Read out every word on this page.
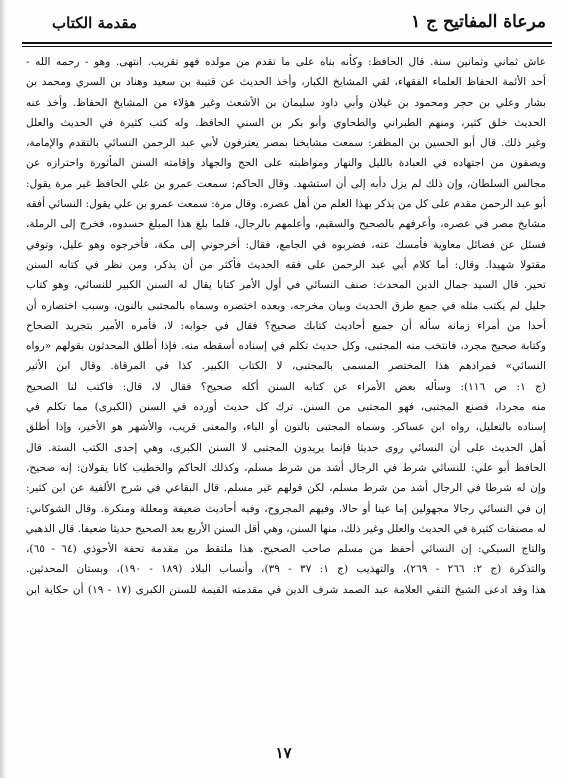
مرعاة المفاتيح ج ١
مقدمة الكتاب
عاش ثماني وثمانين سنة. قال الحافظ: وكأنه بناه على ما تقدم من مولده فهو تقريب. انتهى. وهو - رحمه الله -
أحد الأئمة الحفاظ العلماء الفقهاء، لقي المشايخ الكبار، وأخذ الحديث عن قتيبة بن سعيد وهناد بن السري ومحمد بن
بشار وعلي بن حجر ومحمود بن غيلان وأبي داود سليمان بن الأشعث وغير هؤلاء من المشايخ الحفاظ. وأخذ عنه
الحديث خلق كثير، ومنهم الطبراني والطحاوي وأبو بكر بن السني الحافظ. وله كتب كثيرة في الحديث والعلل
وغير ذلك. قال أبو الحسين بن المظفر: سمعت مشايخنا بمصر يعترفون لأبي عبد الرحمن النسائي بالتقدم والإمامة،
ويصفون من اجتهاده في العبادة بالليل والنهار ومواظبته على الحج والجهاد وإقامته السنن المأثورة واحترازه عن
مجالس السلطان، وإن ذلك لم يزل دأبه إلى أن استشهد. وقال الحاكم: سمعت عمرو بن علي الحافظ غير مرة يقول:
أبو عبد الرحمن مقدم على كل من يذكر بهذا العلم من أهل عصره. وقال مرة: سمعت عمرو بن علي يقول: النسائي أفقه
مشايخ مصر في عصره، وأعرفهم بالصحيح والسقيم، وأعلمهم بالرجال، فلما بلغ هذا المبلغ حسدوه، فخرج إلى الرملة،
فسئل عن فضائل معاوية فأمسك عنه، فضربوه في الجامع، فقال: أخرجوني إلى مكة، فأخرجوه وهو عليل، وتوفي
مقتولا شهيدا. وقال: أما كلام أبي عبد الرحمن على فقه الحديث فأكثر من أن يذكر، ومن نظر في كتابه السنن
تحير. قال السيد جمال الدين المحدث: صنف النسائي في أول الأمر كتابا يقال له السنن الكبير للنسائي، وهو كتاب
جليل لم يكتب مثله في جمع طرق الحديث وبيان مخرجه، وبعده اختصره وسماه بالمجتبى بالنون، وسبب اختصاره أن
أحدا من أمراء زمانه سأله أن جميع أحاديث كتابك صحيح؟ فقال في جوابه: لا، فأمره الأمير بتجريد الصحاح
وكتابة صحيح مجرد، فانتخب منه المجتبى، وكل حديث تكلم في إسناده أسقطه منه. فإذا أطلق المحدثون بقولهم «رواه
النسائي» فمرادهم هذا المختصر المسمى بالمجتبى، لا الكتاب الكبير. كذا في المرقاة. وقال ابن الأثير
(ج ١: ص ١١٦): وسأله بعض الأمراء عن كتابه السنن أكله صحيح؟ فقال لا، قال: فاكتب لنا الصحيح
منه مجردا، فصنع المجتبى، فهو المجتبى من السنن. ترك كل حديث أورده في السنن (الكبرى) مما تكلم في
إسناده بالتعليل، رواه ابن عساكر. وسماه المجتبى بالنون أو الباء، والمعنى قريب، والأشهر هو الأخير، وإذا أطلق
أهل الحديث على أن النسائي روى حديثا فإنما يريدون المجتبى لا السنن الكبرى، وهي إحدى الكتب الستة. قال
الحافظ أبو علي: للنسائي شرط في الرجال أشد من شرط مسلم، وكذلك الحاكم والخطيب كانا يقولان: إنه صحيح،
وإن له شرطا في الرجال أشد من شرط مسلم، لكن قولهم غير مسلم. قال البقاعي في شرح الألفية عن ابن كثير:
إن في النسائي رجالا مجهولين إما عينا أو حالا، وفيهم المجروح، وفيه أحاديث ضعيفة ومعللة ومنكرة. وقال الشوكاني:
له مصنفات كثيرة في الحديث والعلل وغير ذلك، منها السنن، وهي أقل السنن الأربع بعد الصحيح حديثا ضعيفا. قال الذهبي
والتاج السبكي: إن النسائي أحفظ من مسلم صاحب الصحيح. هذا ملتقط من مقدمة تحفة الأحوذي (٦٤ - ٦٥)،
والتذكرة (ج ٢: ٢٦٦ - ٢٦٩)، والتهذيب (ج ١: ٣٧ - ٣٩)، وأنساب البلاد (١٨٩ - ١٩٠)، وبستان المحدثين.
هذا وقد ادعى الشيخ التقي العلامة عبد الصمد شرف الدين في مقدمته القيمة للسنن الكبرى (١٧ - ١٩) أن حكاية ابن
١٧
